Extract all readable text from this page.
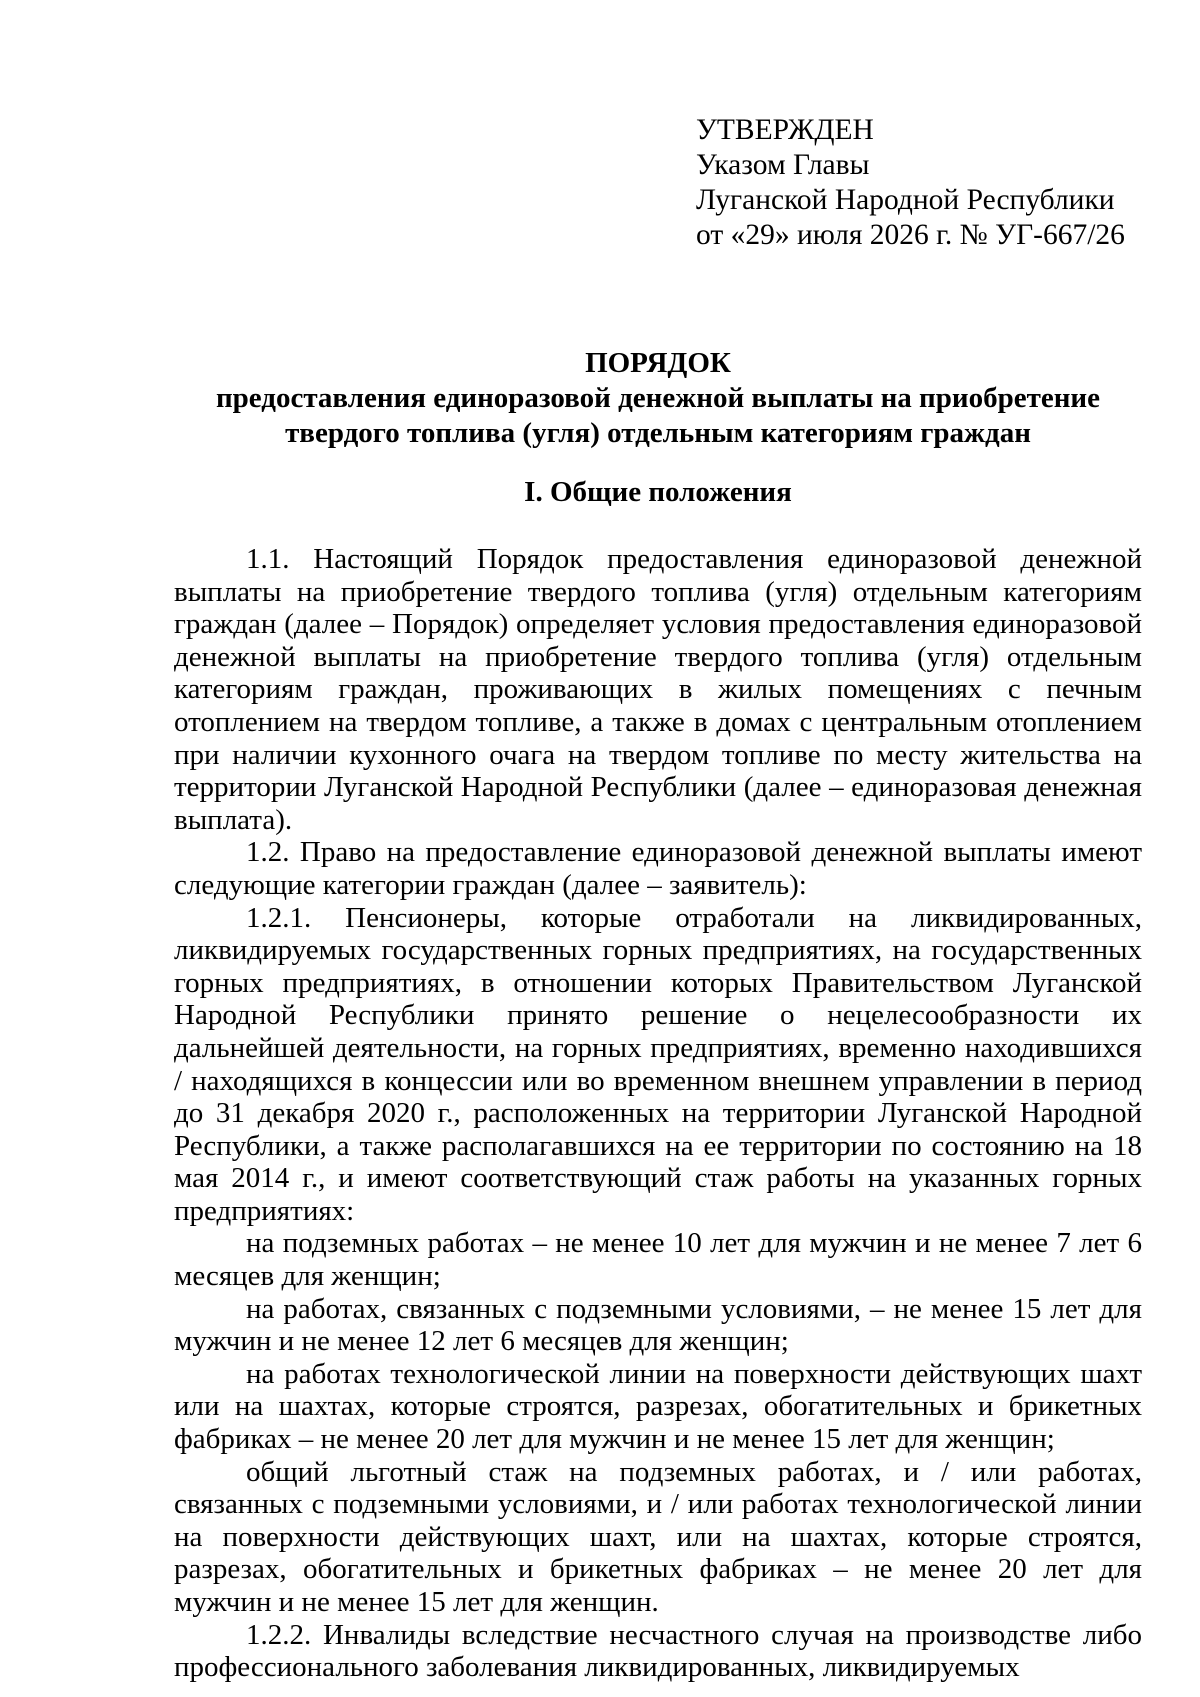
УТВЕРЖДЕН
Указом Главы
Луганской Народной Республики
от «29» июля 2026 г. № УГ-667/26
ПОРЯДОК
предоставления единоразовой денежной выплаты на приобретение
твердого топлива (угля) отдельным категориям граждан
I. Общие положения

1.1. Настоящий Порядок предоставления единоразовой денежной выплаты на приобретение твердого топлива (угля) отдельным категориям граждан (далее – Порядок) определяет условия предоставления единоразовой денежной выплаты на приобретение твердого топлива (угля) отдельным категориям граждан, проживающих в жилых помещениях с печным отоплением на твердом топливе, а также в домах с центральным отоплением при наличии кухонного очага на твердом топливе по месту жительства на территории Луганской Народной Республики (далее – единоразовая денежная выплата).

1.2. Право на предоставление единоразовой денежной выплаты имеют следующие категории граждан (далее – заявитель):

1.2.1. Пенсионеры, которые отработали на ликвидированных, ликвидируемых государственных горных предприятиях, на государственных горных предприятиях, в отношении которых Правительством Луганской Народной Республики принято решение о нецелесообразности их дальнейшей деятельности, на горных предприятиях, временно находившихся / находящихся в концессии или во временном внешнем управлении в период до 31 декабря 2020 г., расположенных на территории Луганской Народной Республики, а также располагавшихся на ее территории по состоянию на 18 мая 2014 г., и имеют соответствующий стаж работы на указанных горных предприятиях:

на подземных работах – не менее 10 лет для мужчин и не менее 7 лет 6 месяцев для женщин;

на работах, связанных с подземными условиями, – не менее 15 лет для мужчин и не менее 12 лет 6 месяцев для женщин;

на работах технологической линии на поверхности действующих шахт или на шахтах, которые строятся, разрезах, обогатительных и брикетных фабриках – не менее 20 лет для мужчин и не менее 15 лет для женщин;

общий льготный стаж на подземных работах, и / или работах, связанных с подземными условиями, и / или работах технологической линии на поверхности действующих шахт, или на шахтах, которые строятся, разрезах, обогатительных и брикетных фабриках – не менее 20 лет для мужчин и не менее 15 лет для женщин.

1.2.2. Инвалиды вследствие несчастного случая на производстве либо профессионального заболевания ликвидированных, ликвидируемых
